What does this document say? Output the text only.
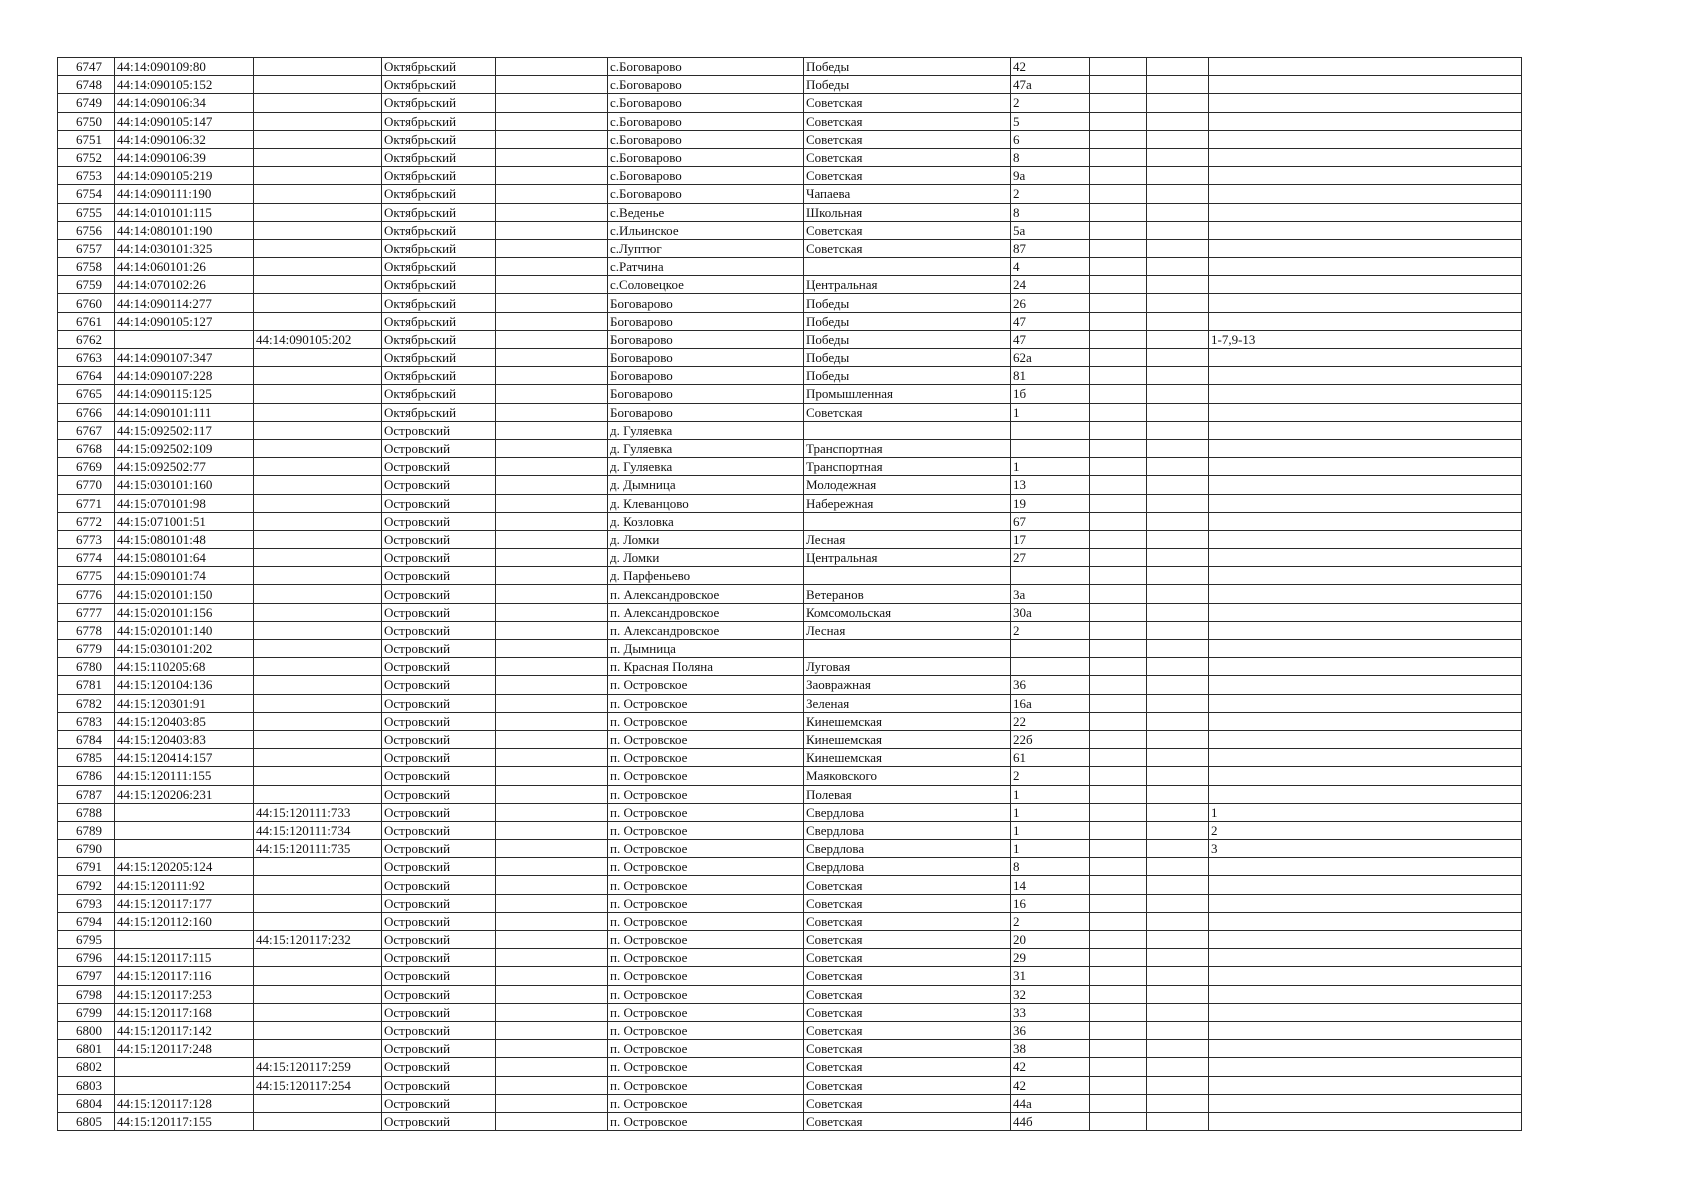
6747	44:14:090109:80		Октябрьский		с.Боговарово	Победы	42			
6748	44:14:090105:152		Октябрьский		с.Боговарово	Победы	47а			
6749	44:14:090106:34		Октябрьский		с.Боговарово	Советская	2			
6750	44:14:090105:147		Октябрьский		с.Боговарово	Советская	5			
6751	44:14:090106:32		Октябрьский		с.Боговарово	Советская	6			
6752	44:14:090106:39		Октябрьский		с.Боговарово	Советская	8			
6753	44:14:090105:219		Октябрьский		с.Боговарово	Советская	9а			
6754	44:14:090111:190		Октябрьский		с.Боговарово	Чапаева	2			
6755	44:14:010101:115		Октябрьский		с.Веденье	Школьная	8			
6756	44:14:080101:190		Октябрьский		с.Ильинское	Советская	5а			
6757	44:14:030101:325		Октябрьский		с.Луптюг	Советская	87			
6758	44:14:060101:26		Октябрьский		с.Ратчина		4			
6759	44:14:070102:26		Октябрьский		с.Соловецкое	Центральная	24			
6760	44:14:090114:277		Октябрьский		Боговарово	Победы	26			
6761	44:14:090105:127		Октябрьский		Боговарово	Победы	47			
6762		44:14:090105:202	Октябрьский		Боговарово	Победы	47			1-7,9-13
6763	44:14:090107:347		Октябрьский		Боговарово	Победы	62а			
6764	44:14:090107:228		Октябрьский		Боговарово	Победы	81			
6765	44:14:090115:125		Октябрьский		Боговарово	Промышленная	1б			
6766	44:14:090101:111		Октябрьский		Боговарово	Советская	1			
6767	44:15:092502:117		Островский		д. Гуляевка					
6768	44:15:092502:109		Островский		д. Гуляевка	Транспортная				
6769	44:15:092502:77		Островский		д. Гуляевка	Транспортная	1			
6770	44:15:030101:160		Островский		д. Дымница	Молодежная	13			
6771	44:15:070101:98		Островский		д. Клеванцово	Набережная	19			
6772	44:15:071001:51		Островский		д. Козловка		67			
6773	44:15:080101:48		Островский		д. Ломки	Лесная	17			
6774	44:15:080101:64		Островский		д. Ломки	Центральная	27			
6775	44:15:090101:74		Островский		д. Парфеньево					
6776	44:15:020101:150		Островский		п. Александровское	Ветеранов	3а			
6777	44:15:020101:156		Островский		п. Александровское	Комсомольская	30а			
6778	44:15:020101:140		Островский		п. Александровское	Лесная	2			
6779	44:15:030101:202		Островский		п. Дымница					
6780	44:15:110205:68		Островский		п. Красная Поляна	Луговая				
6781	44:15:120104:136		Островский		п. Островское	Заовражная	36			
6782	44:15:120301:91		Островский		п. Островское	Зеленая	16а			
6783	44:15:120403:85		Островский		п. Островское	Кинешемская	22			
6784	44:15:120403:83		Островский		п. Островское	Кинешемская	22б			
6785	44:15:120414:157		Островский		п. Островское	Кинешемская	61			
6786	44:15:120111:155		Островский		п. Островское	Маяковского	2			
6787	44:15:120206:231		Островский		п. Островское	Полевая	1			
6788		44:15:120111:733	Островский		п. Островское	Свердлова	1			1
6789		44:15:120111:734	Островский		п. Островское	Свердлова	1			2
6790		44:15:120111:735	Островский		п. Островское	Свердлова	1			3
6791	44:15:120205:124		Островский		п. Островское	Свердлова	8			
6792	44:15:120111:92		Островский		п. Островское	Советская	14			
6793	44:15:120117:177		Островский		п. Островское	Советская	16			
6794	44:15:120112:160		Островский		п. Островское	Советская	2			
6795		44:15:120117:232	Островский		п. Островское	Советская	20			
6796	44:15:120117:115		Островский		п. Островское	Советская	29			
6797	44:15:120117:116		Островский		п. Островское	Советская	31			
6798	44:15:120117:253		Островский		п. Островское	Советская	32			
6799	44:15:120117:168		Островский		п. Островское	Советская	33			
6800	44:15:120117:142		Островский		п. Островское	Советская	36			
6801	44:15:120117:248		Островский		п. Островское	Советская	38			
6802		44:15:120117:259	Островский		п. Островское	Советская	42			
6803		44:15:120117:254	Островский		п. Островское	Советская	42			
6804	44:15:120117:128		Островский		п. Островское	Советская	44а			
6805	44:15:120117:155		Островский		п. Островское	Советская	44б			
